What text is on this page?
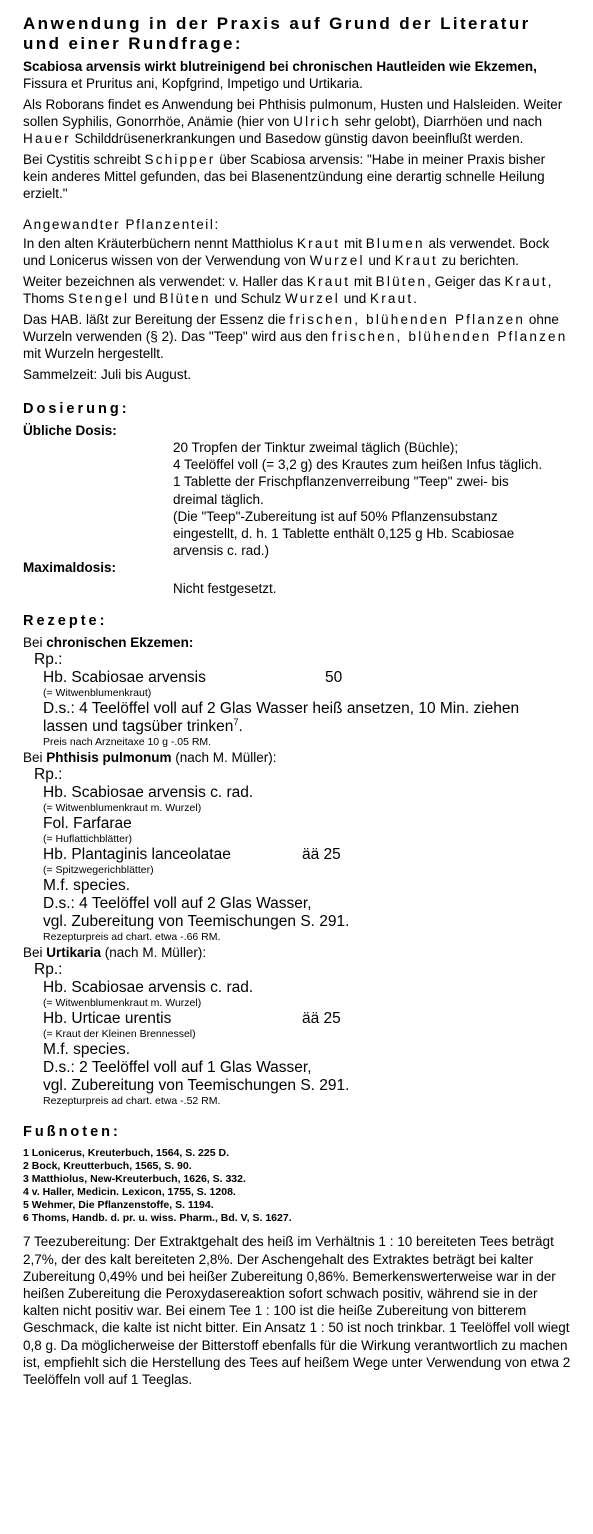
Anwendung in der Praxis auf Grund der Literatur und einer Rundfrage:

Scabiosa arvensis wirkt blutreinigend bei chronischen Hautleiden wie Ekzemen,
Fissura et Pruritus ani, Kopfgrind, Impetigo und Urtikaria.

Als Roborans findet es Anwendung bei Phthisis pulmonum, Husten und Halsleiden. Weiter sollen Syphilis, Gonorrhöe, Anämie (hier von Ulrich sehr gelobt), Diarrhöen und nach Hauer Schilddrüsenerkrankungen und Basedow günstig davon beeinflußt werden.

Bei Cystitis schreibt Schipper über Scabiosa arvensis: "Habe in meiner Praxis bisher kein anderes Mittel gefunden, das bei Blasenentzündung eine derartig schnelle Heilung erzielt."

Angewandter Pflanzenteil:

In den alten Kräuterbüchern nennt Matthiolus Kraut mit Blumen als verwendet. Bock und Lonicerus wissen von der Verwendung von Wurzel und Kraut zu berichten.

Weiter bezeichnen als verwendet: v. Haller das Kraut mit Blüten, Geiger das Kraut, Thoms Stengel und Blüten und Schulz Wurzel und Kraut.

Das HAB. läßt zur Bereitung der Essenz die frischen, blühenden Pflanzen ohne Wurzeln verwenden (§ 2). Das "Teep" wird aus den frischen, blühenden Pflanzen mit Wurzeln hergestellt.

Sammelzeit: Juli bis August.

Dosierung:
Übliche Dosis:
20 Tropfen der Tinktur zweimal täglich (Büchle);
4 Teelöffel voll (= 3,2 g) des Krautes zum heißen Infus täglich.
1 Tablette der Frischpflanzenverreibung "Teep" zwei- bis
dreimal täglich.
(Die "Teep"-Zubereitung ist auf 50% Pflanzensubstanz
eingestellt, d. h. 1 Tablette enthält 0,125 g Hb. Scabiosae
arvensis c. rad.)
Maximaldosis:
Nicht festgesetzt.
Rezepte:
Bei chronischen Ekzemen:
Rp.:
Hb. Scabiosae arvensis	50
(= Witwenblumenkraut)
D.s.: 4 Teelöffel voll auf 2 Glas Wasser heiß ansetzen, 10 Min. ziehen
lassen und tagsüber trinken$^7$.
Preis nach Arzneitaxe 10 g -.05 RM.
Bei Phthisis pulmonum (nach M. Müller):
Rp.:
Hb. Scabiosae arvensis c. rad.
(= Witwenblumenkraut m. Wurzel)
Fol. Farfarae
(= Huflattichblätter)
Hb. Plantaginis lanceolatae	ää 25
(= Spitzwegerichblätter)
M.f. species.
D.s.: 4 Teelöffel voll auf 2 Glas Wasser,
vgl. Zubereitung von Teemischungen S. 291.
Rezepturpreis ad chart. etwa -.66 RM.
Bei Urtikaria (nach M. Müller):
Rp.:
Hb. Scabiosae arvensis c. rad.
(= Witwenblumenkraut m. Wurzel)
Hb. Urticae urentis	ää 25
(= Kraut der Kleinen Brennessel)
M.f. species.
D.s.: 2 Teelöffel voll auf 1 Glas Wasser,
vgl. Zubereitung von Teemischungen S. 291.
Rezepturpreis ad chart. etwa -.52 RM.
Fußnoten:
1 Lonicerus, Kreuterbuch, 1564, S. 225 D.
2 Bock, Kreutterbuch, 1565, S. 90.
3 Matthiolus, New-Kreuterbuch, 1626, S. 332.
4 v. Haller, Medicin. Lexicon, 1755, S. 1208.
5 Wehmer, Die Pflanzenstoffe, S. 1194.
6 Thoms, Handb. d. pr. u. wiss. Pharm., Bd. V, S. 1627.
7 Teezubereitung: Der Extraktgehalt des heiß im Verhältnis 1 : 10 bereiteten Tees beträgt 2,7%, der des kalt bereiteten 2,8%. Der Aschengehalt des Extraktes beträgt bei kalter Zubereitung 0,49% und bei heißer Zubereitung 0,86%. Bemerkenswerterweise war in der heißen Zubereitung die Peroxydasereaktion sofort schwach positiv, während sie in der kalten nicht positiv war. Bei einem Tee 1 : 100 ist die heiße Zubereitung von bitterem Geschmack, die kalte ist nicht bitter. Ein Ansatz 1 : 50 ist noch trinkbar. 1 Teelöffel voll wiegt 0,8 g. Da möglicherweise der Bitterstoff ebenfalls für die Wirkung verantwortlich zu machen ist, empfiehlt sich die Herstellung des Tees auf heißem Wege unter Verwendung von etwa 2 Teelöffeln voll auf 1 Teeglas.
